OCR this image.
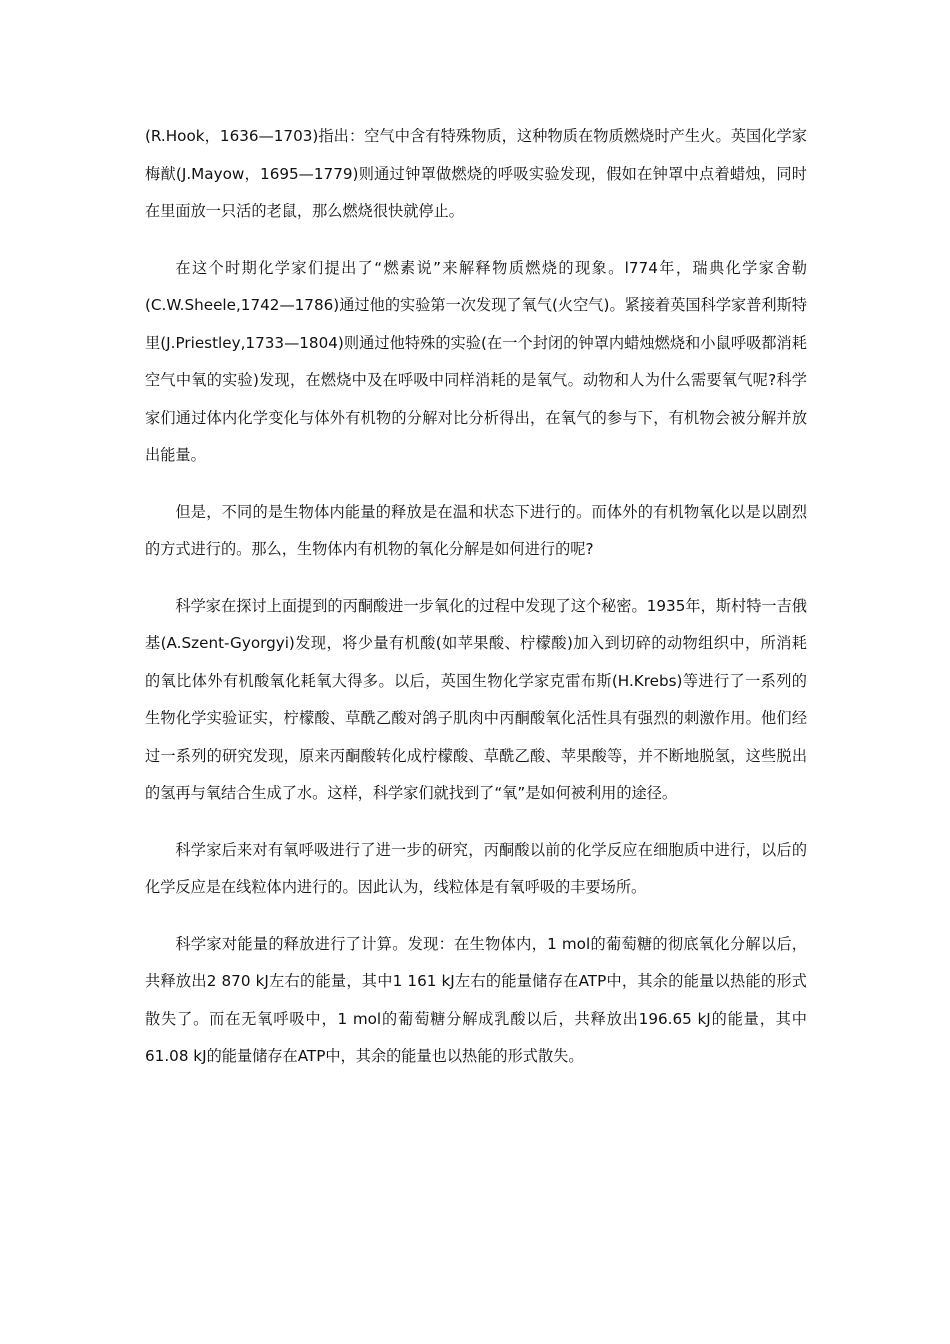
(R.Hook，1636—1703)指出：空气中含有特殊物质，这种物质在物质燃烧时产生火。英国化学家梅猷(J.Mayow，1695—1779)则通过钟罩做燃烧的呼吸实验发现，假如在钟罩中点着蜡烛，同时在里面放一只活的老鼠，那么燃烧很快就停止。

在这个时期化学家们提出了“燃素说”来解释物质燃烧的现象。l774年，瑞典化学家舍勒(C.W.Sheele,1742—1786)通过他的实验第一次发现了氧气(火空气)。紧接着英国科学家普利斯特里(J.Priestley,1733—1804)则通过他特殊的实验(在一个封闭的钟罩内蜡烛燃烧和小鼠呼吸都消耗空气中氧的实验)发现，在燃烧中及在呼吸中同样消耗的是氧气。动物和人为什么需要氧气呢?科学家们通过体内化学变化与体外有机物的分解对比分析得出，在氧气的参与下，有机物会被分解并放出能量。

但是，不同的是生物体内能量的释放是在温和状态下进行的。而体外的有机物氧化以是以剧烈的方式进行的。那么，生物体内有机物的氧化分解是如何进行的呢?

科学家在探讨上面提到的丙酮酸进一步氧化的过程中发现了这个秘密。1935年，斯村特一吉俄基(A.Szent-Gyorgyi)发现，将少量有机酸(如苹果酸、柠檬酸)加入到切碎的动物组织中，所消耗的氧比体外有机酸氧化耗氧大得多。以后，英国生物化学家克雷布斯(H.Krebs)等进行了一系列的生物化学实验证实，柠檬酸、草酰乙酸对鸽子肌肉中丙酮酸氧化活性具有强烈的刺激作用。他们经过一系列的研究发现，原来丙酮酸转化成柠檬酸、草酰乙酸、苹果酸等，并不断地脱氢，这些脱出的氢再与氧结合生成了水。这样，科学家们就找到了“氧”是如何被利用的途径。

科学家后来对有氧呼吸进行了进一步的研究，丙酮酸以前的化学反应在细胞质中进行，以后的化学反应是在线粒体内进行的。因此认为，线粒体是有氧呼吸的丰要场所。

科学家对能量的释放进行了计算。发现：在生物体内，1 mol的葡萄糖的彻底氧化分解以后，共释放出2 870 kJ左右的能量，其中1 161 kJ左右的能量储存在ATP中，其余的能量以热能的形式散失了。而在无氧呼吸中，1 mol的葡萄糖分解成乳酸以后，共释放出196.65 kJ的能量，其中61.08 kJ的能量储存在ATP中，其余的能量也以热能的形式散失。
